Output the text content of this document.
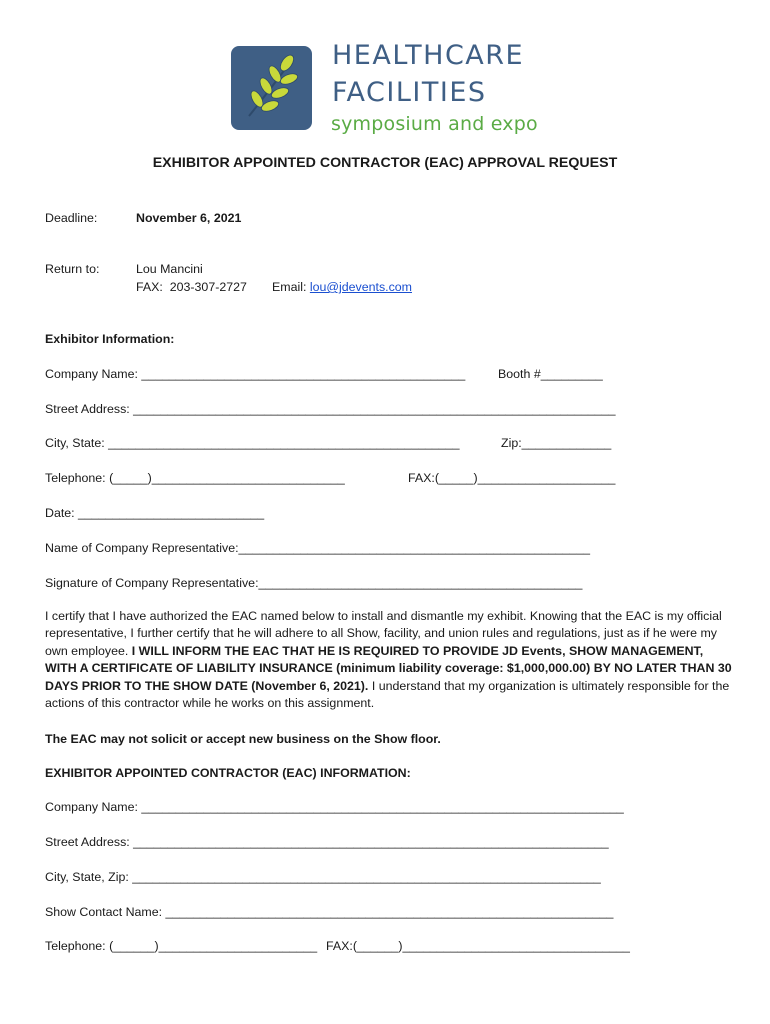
HEALTHCARE
FACILITIES
symposium and expo
EXHIBITOR APPOINTED CONTRACTOR (EAC) APPROVAL REQUEST
Deadline:	November 6, 2021
Return to:	Lou Mancini
FAX:  203-307-2727 Email: lou@jdevents.com
Exhibitor Information:
Company Name: _______________________________________________	Booth #_________
Street Address: ______________________________________________________________________
City, State: ___________________________________________________	Zip:_____________
Telephone: (_____)____________________________	FAX:(_____)____________________
Date: ___________________________
Name of Company Representative:___________________________________________________
Signature of Company Representative:_______________________________________________
I certify that I have authorized the EAC named below to install and dismantle my exhibit. Knowing that the EAC is my official representative, I further certify that he will adhere to all Show, facility, and union rules and regulations, just as if he were my own employee. I WILL INFORM THE EAC THAT HE IS REQUIRED TO PROVIDE JD Events, SHOW MANAGEMENT, WITH A CERTIFICATE OF LIABILITY INSURANCE (minimum liability coverage: $1,000,000.00) BY NO LATER THAN 30 DAYS PRIOR TO THE SHOW DATE (November 6, 2021). I understand that my organization is ultimately responsible for the actions of this contractor while he works on this assignment.
The EAC may not solicit or accept new business on the Show floor.
EXHIBITOR APPOINTED CONTRACTOR (EAC) INFORMATION:
Company Name: ______________________________________________________________________
Street Address: _____________________________________________________________________
City, State, Zip: ____________________________________________________________________
Show Contact Name: _________________________________________________________________
Telephone: (______)_______________________ FAX:(______)_________________________________
